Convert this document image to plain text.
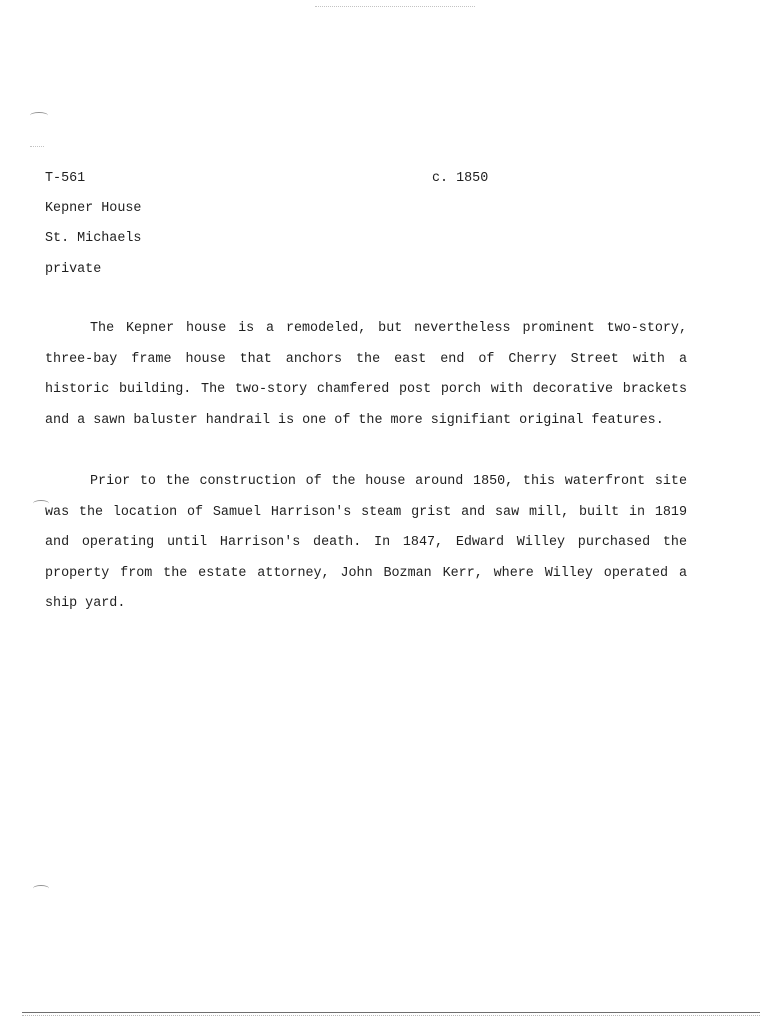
T-561	c. 1850
Kepner House
St. Michaels
private

The Kepner house is a remodeled, but nevertheless prominent two-story, three-bay frame house that anchors the east end of Cherry Street with a historic building. The two-story chamfered post porch with decorative brackets and a sawn baluster handrail is one of the more signifiant original features.

Prior to the construction of the house around 1850, this waterfront site was the location of Samuel Harrison's steam grist and saw mill, built in 1819 and operating until Harrison's death. In 1847, Edward Willey purchased the property from the estate attorney, John Bozman Kerr, where Willey operated a ship yard.
